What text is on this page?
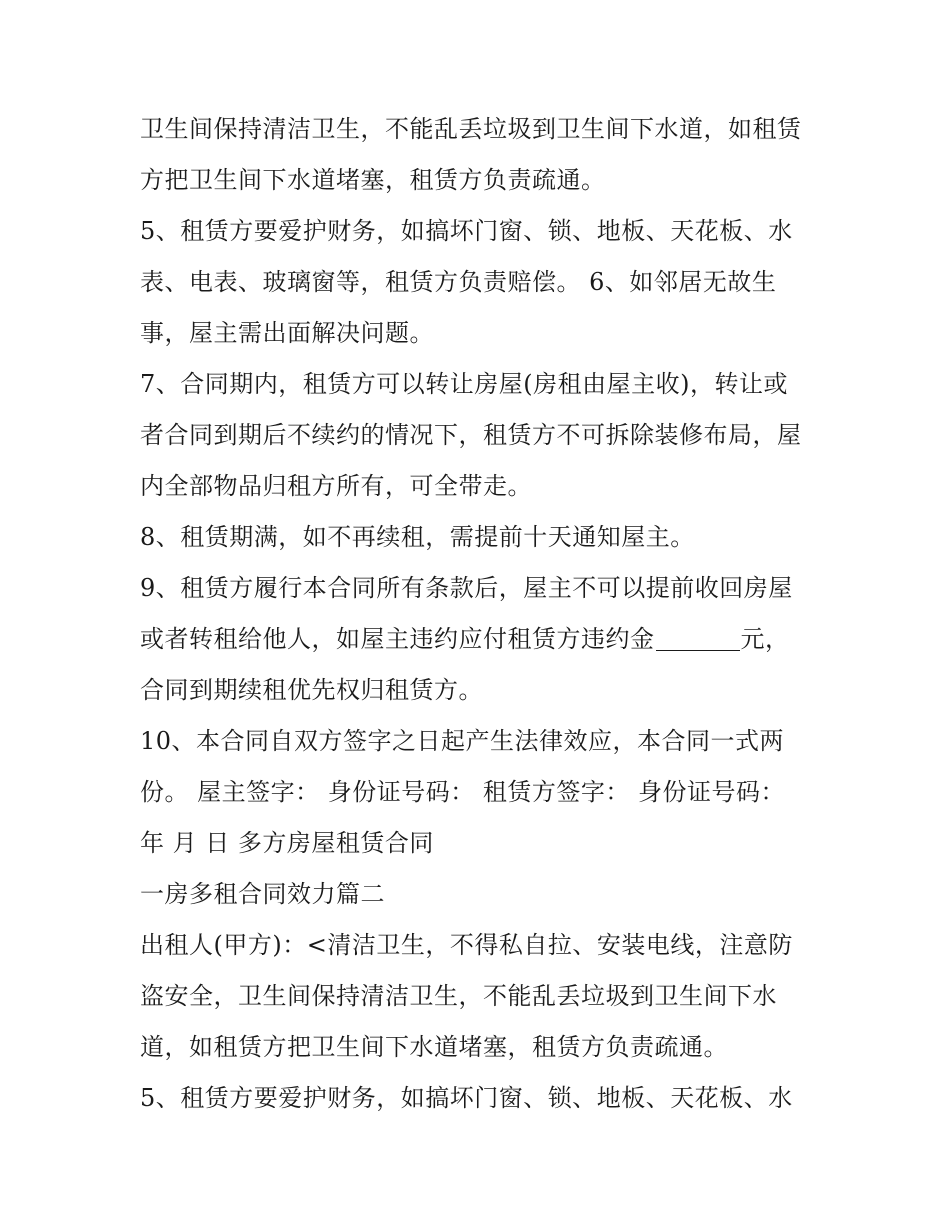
卫生间保持清洁卫生，不能乱丢垃圾到卫生间下水道，如租赁
方把卫生间下水道堵塞，租赁方负责疏通。
5、租赁方要爱护财务，如搞坏门窗、锁、地板、天花板、水
表、电表、玻璃窗等，租赁方负责赔偿。 6、如邻居无故生
事，屋主需出面解决问题。
7、合同期内，租赁方可以转让房屋(房租由屋主收)，转让或
者合同到期后不续约的情况下，租赁方不可拆除装修布局，屋
内全部物品归租方所有，可全带走。
8、租赁期满，如不再续租，需提前十天通知屋主。
9、租赁方履行本合同所有条款后，屋主不可以提前收回房屋
或者转租给他人，如屋主违约应付租赁方违约金	元，
合同到期续租优先权归租赁方。
10、本合同自双方签字之日起产生法律效应，本合同一式两
份。 屋主签字： 身份证号码： 租赁方签字： 身份证号码：
年 月 日 多方房屋租赁合同
一房多租合同效力篇二
出租人(甲方)：<清洁卫生，不得私自拉、安装电线，注意防
盗安全，卫生间保持清洁卫生，不能乱丢垃圾到卫生间下水
道，如租赁方把卫生间下水道堵塞，租赁方负责疏通。
5、租赁方要爱护财务，如搞坏门窗、锁、地板、天花板、水
